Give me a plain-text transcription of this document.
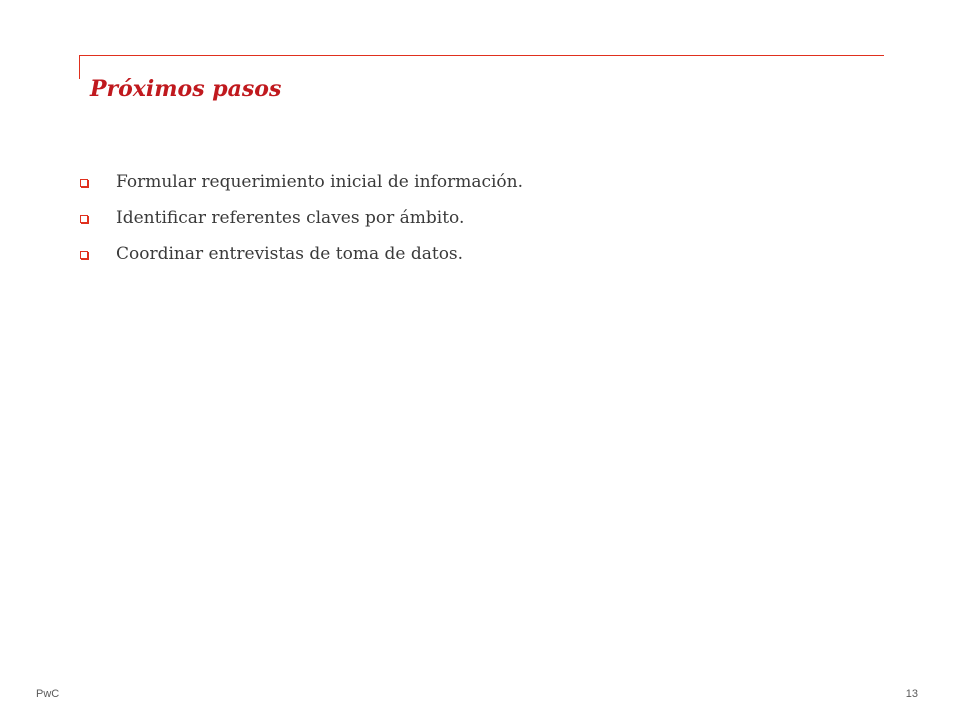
Próximos pasos
Formular requerimiento inicial de información.
Identificar referentes claves por ámbito.
Coordinar entrevistas de toma de datos.
PwC	13
